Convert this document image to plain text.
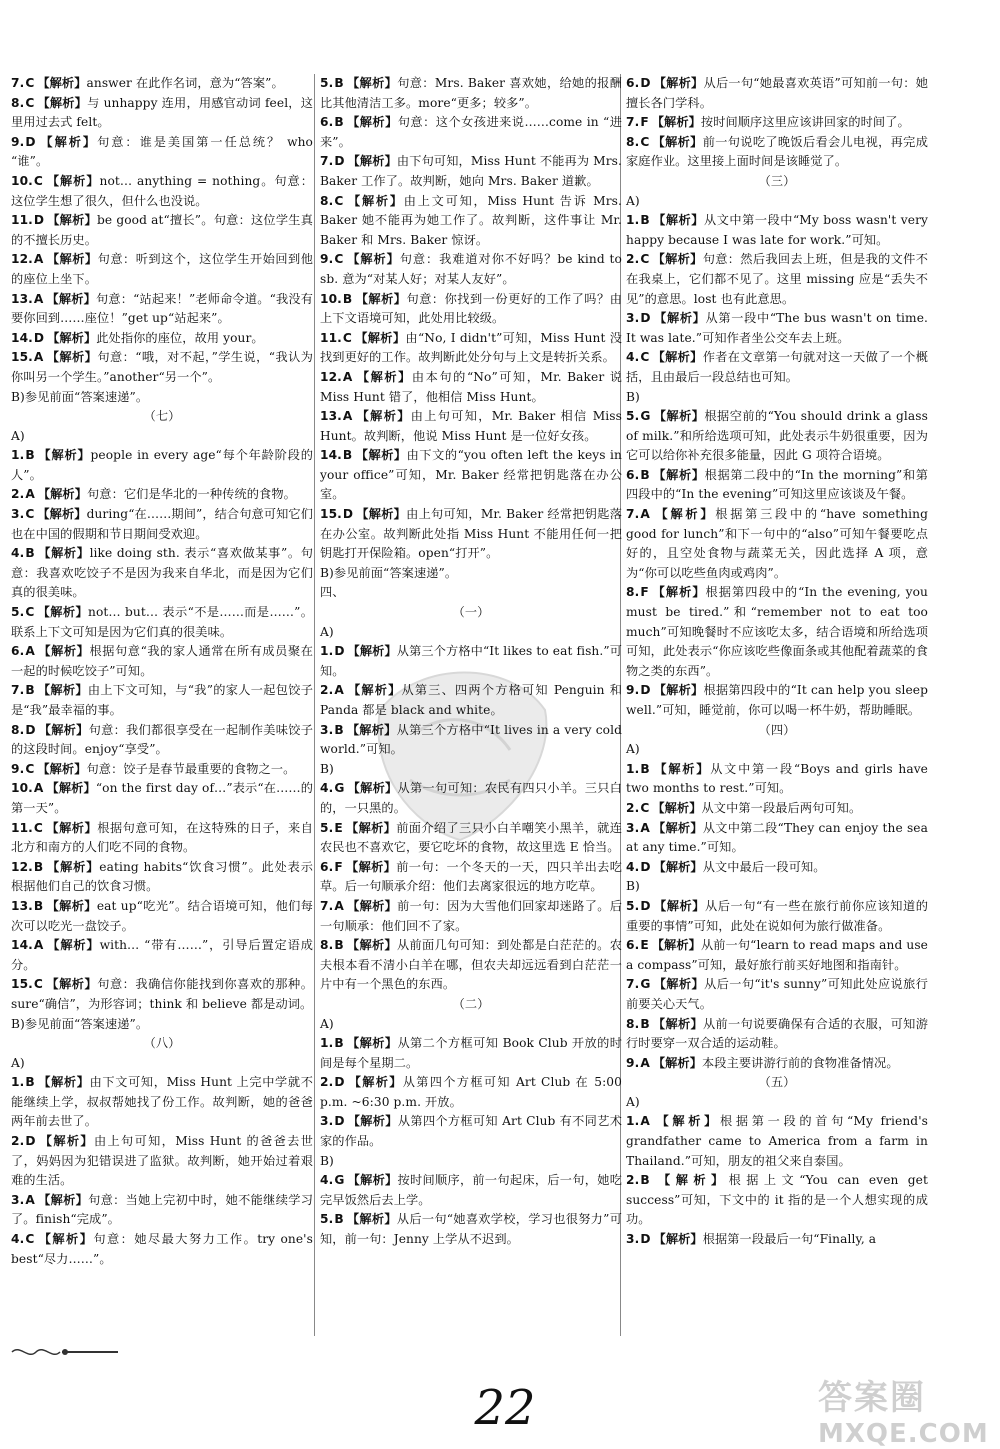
7.C 【解析】answer 在此作名词，意为“答案”。

8.C 【解析】与 unhappy 连用，用感官动词 feel，这里用过去式 felt。

9.D 【解析】句意：谁是美国第一任总统？ who “谁”。

10.C 【解析】not… anything = nothing。句意：这位学生想了很久，但什么也没说。

11.D 【解析】be good at“擅长”。句意：这位学生真的不擅长历史。

12.A 【解析】句意：听到这个，这位学生开始回到他的座位上坐下。

13.A 【解析】句意：“站起来！”老师命令道。“我没有要你回到……座位！”get up“站起来”。

14.D 【解析】此处指你的座位，故用 your。

15.A 【解析】句意：“哦，对不起，”学生说，“我认为你叫另一个学生。”another“另一个”。

B)参见前面“答案速递”。

（七）

A)

1.B 【解析】people in every age“每个年龄阶段的人”。

2.A 【解析】句意：它们是华北的一种传统的食物。

3.C 【解析】during“在……期间”，结合句意可知它们也在中国的假期和节日期间受欢迎。

4.B 【解析】like doing sth. 表示“喜欢做某事”。句意：我喜欢吃饺子不是因为我来自华北，而是因为它们真的很美味。

5.C 【解析】not… but… 表示“不是……而是……”。联系上下文可知是因为它们真的很美味。

6.A 【解析】根据句意“我的家人通常在所有成员聚在一起的时候吃饺子”可知。

7.B 【解析】由上下文可知，与“我”的家人一起包饺子是“我”最幸福的事。

8.D 【解析】句意：我们都很享受在一起制作美味饺子的这段时间。enjoy“享受”。

9.C 【解析】句意：饺子是春节最重要的食物之一。

10.A 【解析】“on the first day of…”表示“在……的第一天”。

11.C 【解析】根据句意可知，在这特殊的日子，来自北方和南方的人们吃不同的食物。

12.B 【解析】eating habits“饮食习惯”。此处表示根据他们自己的饮食习惯。

13.B 【解析】eat up“吃光”。结合语境可知，他们每次可以吃光一盘饺子。

14.A 【解析】with… “带有……”，引导后置定语成分。

15.C 【解析】句意：我确信你能找到你喜欢的那种。sure“确信”，为形容词；think 和 believe 都是动词。

B)参见前面“答案速递”。

（八）

A)

1.B 【解析】由下文可知，Miss Hunt 上完中学就不能继续上学，叔叔帮她找了份工作。故判断，她的爸爸两年前去世了。

2.D 【解析】由上句可知，Miss Hunt 的爸爸去世了，妈妈因为犯错误进了监狱。故判断，她开始过着艰难的生活。

3.A 【解析】句意：当她上完初中时，她不能继续学习了。finish“完成”。

4.C 【解析】句意：她尽最大努力工作。try one's best“尽力……”。

5.B 【解析】句意：Mrs. Baker 喜欢她，给她的报酬比其他清洁工多。more“更多；较多”。

6.B 【解析】句意：这个女孩进来说……come in “进来”。

7.D 【解析】由下句可知，Miss Hunt 不能再为 Mrs. Baker 工作了。故判断，她向 Mrs. Baker 道歉。

8.C 【解析】由上文可知，Miss Hunt 告诉 Mrs. Baker 她不能再为她工作了。故判断，这件事让 Mr. Baker 和 Mrs. Baker 惊讶。

9.C 【解析】句意：我难道对你不好吗？be kind to sb. 意为“对某人好；对某人友好”。

10.B 【解析】句意：你找到一份更好的工作了吗？由上下文语境可知，此处用比较级。

11.C 【解析】由“No, I didn't”可知，Miss Hunt 没找到更好的工作。故判断此处分句与上文是转折关系。

12.A 【解析】由本句的“No”可知，Mr. Baker 说 Miss Hunt 错了，他相信 Miss Hunt。

13.A 【解析】由上句可知，Mr. Baker 相信 Miss Hunt。故判断，他说 Miss Hunt 是一位好女孩。

14.B 【解析】由下文的“you often left the keys in your office”可知，Mr. Baker 经常把钥匙落在办公室。

15.D 【解析】由上句可知，Mr. Baker 经常把钥匙落在办公室。故判断此处指 Miss Hunt 不能用任何一把钥匙打开保险箱。open“打开”。

B)参见前面“答案速递”。

四、

（一）

A)

1.D 【解析】从第三个方格中“It likes to eat fish.”可知。

2.A 【解析】从第三、四两个方格可知 Penguin 和 Panda 都是 black and white。

3.B 【解析】从第三个方格中“It lives in a very cold world.”可知。

B)

4.G 【解析】从第一句可知：农民有四只小羊。三只白的，一只黑的。

5.E 【解析】前面介绍了三只小白羊嘲笑小黑羊，就连农民也不喜欢它，要它吃坏的食物，故这里选 E 恰当。

6.F 【解析】前一句：一个冬天的一天，四只羊出去吃草。后一句顺承介绍：他们去离家很远的地方吃草。

7.A 【解析】前一句：因为大雪他们回家却迷路了。后一句顺承：他们回不了家。

8.B 【解析】从前面几句可知：到处都是白茫茫的。农夫根本看不清小白羊在哪，但农夫却远远看到白茫茫一片中有一个黑色的东西。

（二）

A)

1.B 【解析】从第二个方框可知 Book Club 开放的时间是每个星期二。

2.D 【解析】从第四个方框可知 Art Club 在 5:00 p.m. ~6:30 p.m. 开放。

3.D 【解析】从第四个方框可知 Art Club 有不同艺术家的作品。

B)

4.G 【解析】按时间顺序，前一句起床，后一句，她吃完早饭然后去上学。

5.B 【解析】从后一句“她喜欢学校，学习也很努力”可知，前一句：Jenny 上学从不迟到。

6.D 【解析】从后一句“她最喜欢英语”可知前一句：她擅长各门学科。

7.F 【解析】按时间顺序这里应该讲回家的时间了。

8.C 【解析】前一句说吃了晚饭后看会儿电视，再完成家庭作业。这里接上面时间是该睡觉了。

（三）

A)

1.B 【解析】从文中第一段中“My boss wasn't very happy because I was late for work.”可知。

2.C 【解析】句意：然后我回去上班，但是我的文件不在我桌上，它们都不见了。这里 missing 应是“丢失不见”的意思。lost 也有此意思。

3.D 【解析】从第一段中“The bus wasn't on time. It was late.”可知作者坐公交车去上班。

4.C 【解析】作者在文章第一句就对这一天做了一个概括，且由最后一段总结也可知。

B)

5.G 【解析】根据空前的“You should drink a glass of milk.”和所给选项可知，此处表示牛奶很重要，因为它可以给你补充很多能量，因此 G 项符合语境。

6.B 【解析】根据第二段中的“In the morning”和第四段中的“In the evening”可知这里应该谈及午餐。

7.A 【解析】根据第三段中的“have something good for lunch”和下一句中的“also”可知午餐要吃点好的，且空处食物与蔬菜无关，因此选择 A 项，意为“你可以吃些鱼肉或鸡肉”。

8.F 【解析】根据第四段中的“In the evening, you must be tired.”和“remember not to eat too much”可知晚餐时不应该吃太多，结合语境和所给选项可知，此处表示“你应该吃些像面条或其他配着蔬菜的食物之类的东西”。

9.D 【解析】根据第四段中的“It can help you sleep well.”可知，睡觉前，你可以喝一杯牛奶，帮助睡眠。

（四）

A)

1.B 【解析】从文中第一段“Boys and girls have two months to rest.”可知。

2.C 【解析】从文中第一段最后两句可知。

3.A 【解析】从文中第二段“They can enjoy the sea at any time.”可知。

4.D 【解析】从文中最后一段可知。

B)

5.D 【解析】从后一句“有一些在旅行前你应该知道的重要的事情”可知，此处在说如何为旅行做准备。

6.E 【解析】从前一句“learn to read maps and use a compass”可知，最好旅行前买好地图和指南针。

7.G 【解析】从后一句“it's sunny”可知此处应说旅行前要关心天气。

8.B 【解析】从前一句说要确保有合适的衣服，可知游行时要穿一双合适的运动鞋。

9.A 【解析】本段主要讲游行前的食物准备情况。

（五）

A)

1.A 【解析】根据第一段的首句“My friend's grandfather came to America from a farm in Thailand.”可知，朋友的祖父来自泰国。

2.B 【解析】根据上文“You can even get success”可知，下文中的 it 指的是一个人想实现的成功。

3.D 【解析】根据第一段最后一句“Finally, a

22	答案圈
MXQE.COM
